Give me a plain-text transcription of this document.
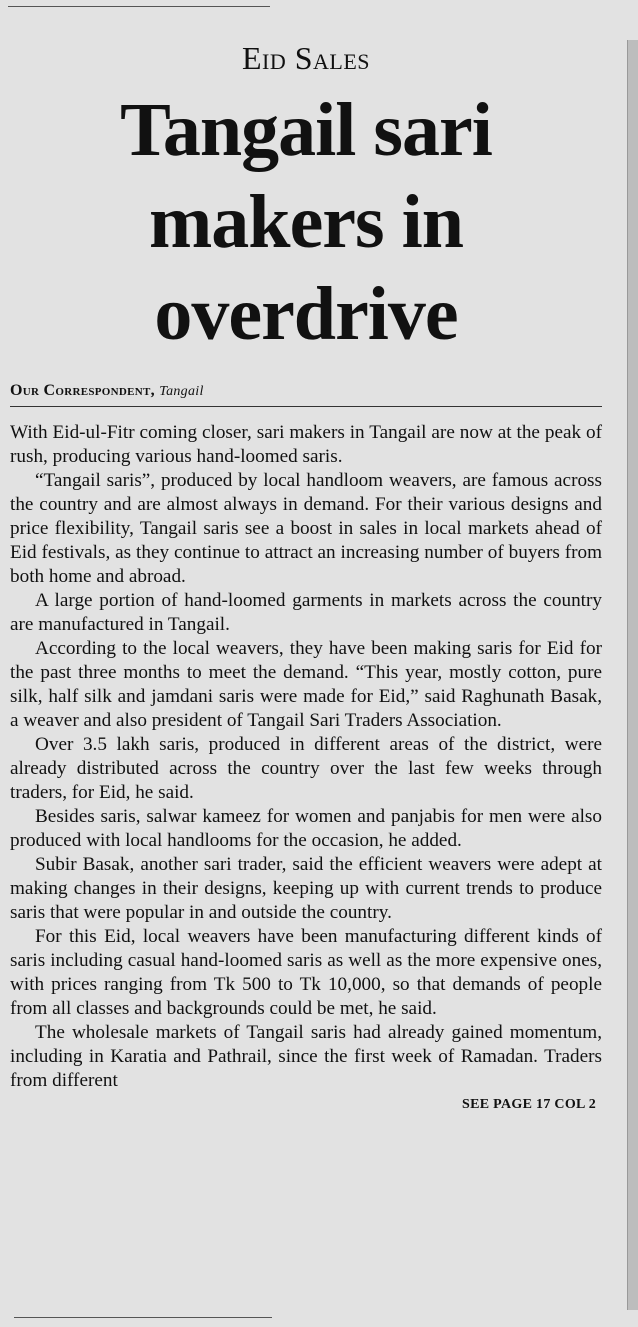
Eid Sales
Tangail sari makers in overdrive
Our Correspondent, Tangail

With Eid-ul-Fitr coming closer, sari makers in Tangail are now at the peak of rush, producing various hand-loomed saris.

“Tangail saris”, produced by local handloom weavers, are famous across the country and are almost always in demand. For their various designs and price flexibility, Tangail saris see a boost in sales in local markets ahead of Eid festivals, as they continue to attract an increasing number of buyers from both home and abroad.

A large portion of hand-loomed garments in markets across the country are manufactured in Tangail.

According to the local weavers, they have been making saris for Eid for the past three months to meet the demand. “This year, mostly cotton, pure silk, half silk and jamdani saris were made for Eid,” said Raghunath Basak, a weaver and also president of Tangail Sari Traders Association.

Over 3.5 lakh saris, produced in different areas of the district, were already distributed across the country over the last few weeks through traders, for Eid, he said.

Besides saris, salwar kameez for women and panjabis for men were also produced with local handlooms for the occasion, he added.

Subir Basak, another sari trader, said the efficient weavers were adept at making changes in their designs, keeping up with current trends to produce saris that were popular in and outside the country.

For this Eid, local weavers have been manufacturing different kinds of saris including casual hand-loomed saris as well as the more expensive ones, with prices ranging from Tk 500 to Tk 10,000, so that demands of people from all classes and backgrounds could be met, he said.

The wholesale markets of Tangail saris had already gained momentum, including in Karatia and Pathrail, since the first week of Ramadan. Traders from different

SEE PAGE 17 COL 2
